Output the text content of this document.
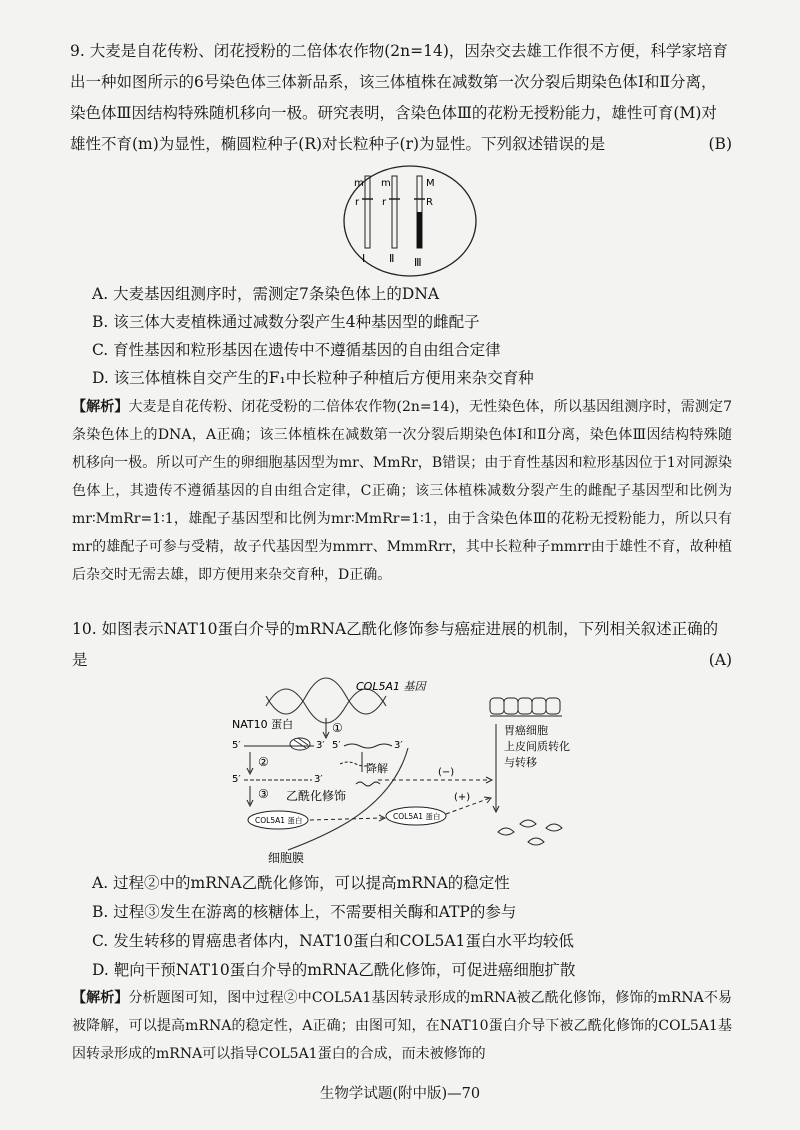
9. 大麦是自花传粉、闭花授粉的二倍体农作物(2n=14)，因杂交去雄工作很不方便，科学家培育出一种如图所示的6号染色体三体新品系，该三体植株在减数第一次分裂后期染色体Ⅰ和Ⅱ分离，染色体Ⅲ因结构特殊随机移向一极。研究表明，含染色体Ⅲ的花粉无授粉能力，雄性可育(M)对雄性不育(m)为显性，椭圆粒种子(R)对长粒种子(r)为显性。下列叙述错误的是	(B)
m
r
m
r
M
R
Ⅰ Ⅱ Ⅲ
A. 大麦基因组测序时，需测定7条染色体上的DNA
B. 该三体大麦植株通过减数分裂产生4种基因型的雌配子
C. 育性基因和粒形基因在遗传中不遵循基因的自由组合定律
D. 该三体植株自交产生的F₁中长粒种子种植后方便用来杂交育种
【解析】大麦是自花传粉、闭花受粉的二倍体农作物(2n=14)，无性染色体，所以基因组测序时，需测定7条染色体上的DNA，A正确；该三体植株在减数第一次分裂后期染色体Ⅰ和Ⅱ分离，染色体Ⅲ因结构特殊随机移向一极。所以可产生的卵细胞基因型为mr、MmRr，B错误；由于育性基因和粒形基因位于1对同源染色体上，其遗传不遵循基因的自由组合定律，C正确；该三体植株减数分裂产生的雌配子基因型和比例为mr∶MmRr=1∶1，雄配子基因型和比例为mr∶MmRr=1∶1，由于含染色体Ⅲ的花粉无授粉能力，所以只有mr的雄配子可参与受精，故子代基因型为mmrr、MmmRrr，其中长粒种子mmrr由于雄性不育，故种植后杂交时无需去雄，即方便用来杂交育种，D正确。
10. 如图表示NAT10蛋白介导的mRNA乙酰化修饰参与癌症进展的机制，下列相关叙述正确的是	(A)
COL5A1 基因
NAT10 蛋白	①
5′	3′ 5′	3′
②
5′	3′
降解
③ 乙酰化修饰
COL5A1 蛋白	COL5A1 蛋白
(−)
(+)
胃癌细胞 上皮间质转化与转移
细胞膜
A. 过程②中的mRNA乙酰化修饰，可以提高mRNA的稳定性
B. 过程③发生在游离的核糖体上，不需要相关酶和ATP的参与
C. 发生转移的胃癌患者体内，NAT10蛋白和COL5A1蛋白水平均较低
D. 靶向干预NAT10蛋白介导的mRNA乙酰化修饰，可促进癌细胞扩散
【解析】分析题图可知，图中过程②中COL5A1基因转录形成的mRNA被乙酰化修饰，修饰的mRNA不易被降解，可以提高mRNA的稳定性，A正确；由图可知，在NAT10蛋白介导下被乙酰化修饰的COL5A1基因转录形成的mRNA可以指导COL5A1蛋白的合成，而未被修饰的
生物学试题(附中版)—70
